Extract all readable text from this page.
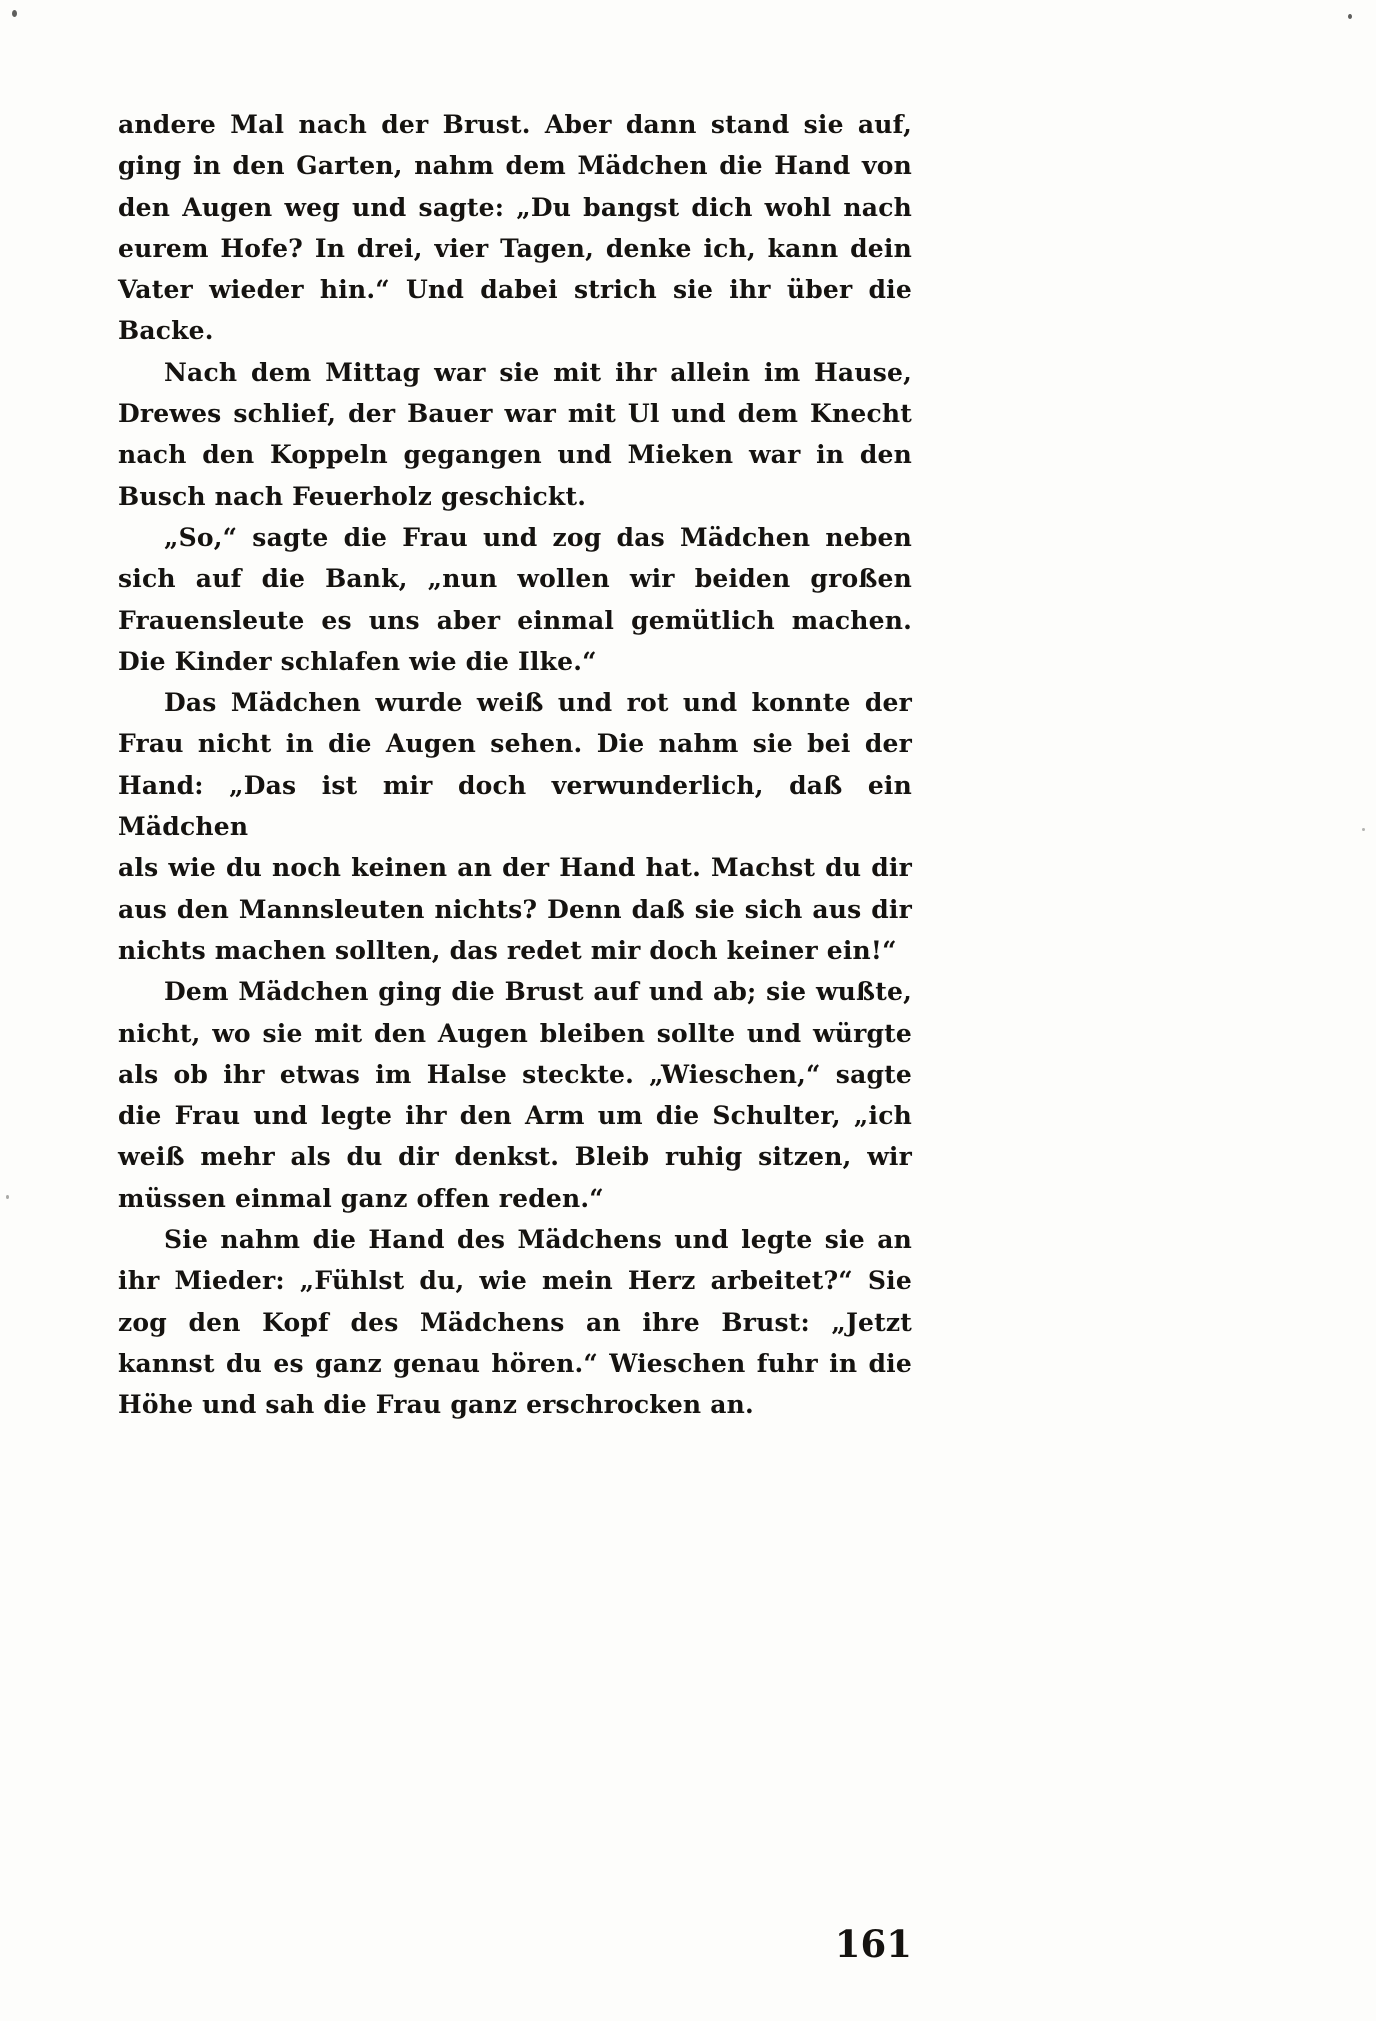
andere Mal nach der Brust. Aber dann stand sie auf,
ging in den Garten, nahm dem Mädchen die Hand von
den Augen weg und sagte: „Du bangst dich wohl nach
eurem Hofe? In drei, vier Tagen, denke ich, kann dein
Vater wieder hin.“ Und dabei strich sie ihr über die
Backe.
Nach dem Mittag war sie mit ihr allein im Hause,
Drewes schlief, der Bauer war mit Ul und dem Knecht
nach den Koppeln gegangen und Mieken war in den
Busch nach Feuerholz geschickt.
„So,“ sagte die Frau und zog das Mädchen neben
sich auf die Bank, „nun wollen wir beiden großen
Frauensleute es uns aber einmal gemütlich machen.
Die Kinder schlafen wie die Ilke.“
Das Mädchen wurde weiß und rot und konnte der
Frau nicht in die Augen sehen. Die nahm sie bei der
Hand: „Das ist mir doch verwunderlich, daß ein Mädchen
als wie du noch keinen an der Hand hat. Machst du dir
aus den Mannsleuten nichts? Denn daß sie sich aus dir
nichts machen sollten, das redet mir doch keiner ein!“
Dem Mädchen ging die Brust auf und ab; sie wußte,
nicht, wo sie mit den Augen bleiben sollte und würgte
als ob ihr etwas im Halse steckte. „Wieschen,“ sagte
die Frau und legte ihr den Arm um die Schulter, „ich
weiß mehr als du dir denkst. Bleib ruhig sitzen, wir
müssen einmal ganz offen reden.“
Sie nahm die Hand des Mädchens und legte sie an
ihr Mieder: „Fühlst du, wie mein Herz arbeitet?“ Sie
zog den Kopf des Mädchens an ihre Brust: „Jetzt
kannst du es ganz genau hören.“ Wieschen fuhr in die
Höhe und sah die Frau ganz erschrocken an.
161
